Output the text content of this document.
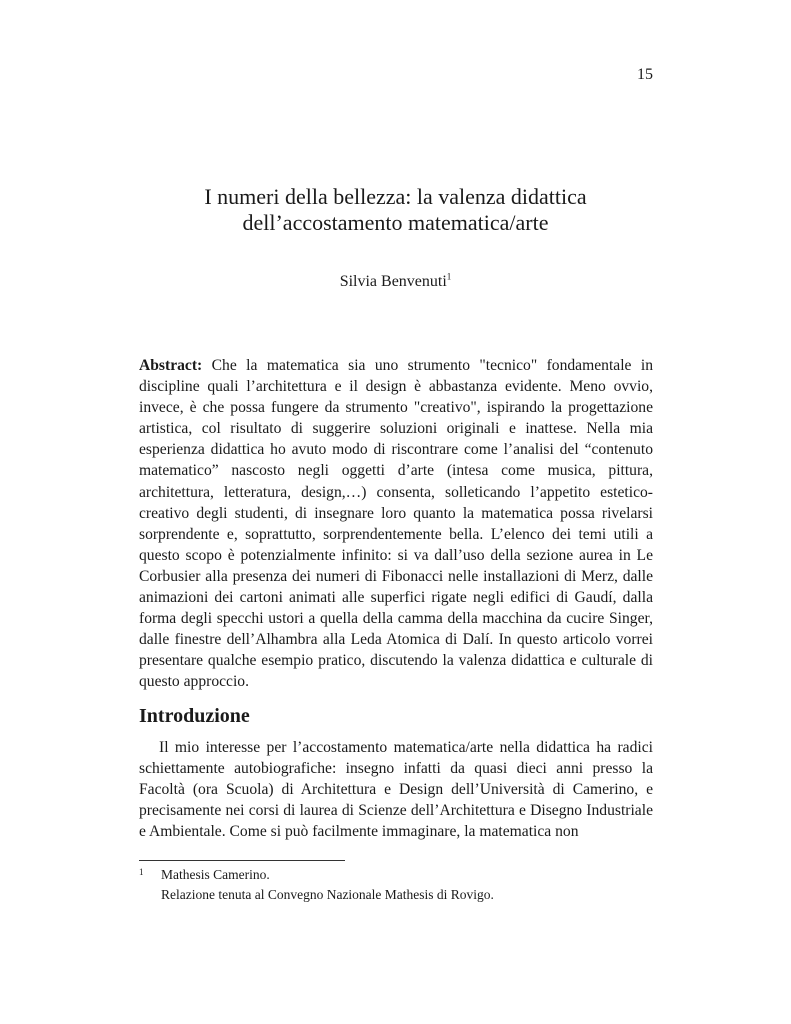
15
I numeri della bellezza: la valenza didattica
dell’accostamento matematica/arte
Silvia Benvenuti$^1$
Abstract: Che la matematica sia uno strumento "tecnico" fondamentale in discipline quali l’architettura e il design è abbastanza evidente. Meno ovvio, invece, è che possa fungere da strumento "creativo", ispirando la progettazione artistica, col risultato di suggerire soluzioni originali e inattese. Nella mia esperienza didattica ho avuto modo di riscontrare come l’analisi del “contenuto matematico” nascosto negli oggetti d’arte (intesa come musica, pittura, architettura, letteratura, design,…) consenta, solleticando l’appetito estetico-creativo degli studenti, di insegnare loro quanto la matematica possa rivelarsi sorprendente e, soprattutto, sorprendentemente bella. L’elenco dei temi utili a questo scopo è potenzialmente infinito: si va dall’uso della sezione aurea in Le Corbusier alla presenza dei numeri di Fibonacci nelle installazioni di Merz, dalle animazioni dei cartoni animati alle superfici rigate negli edifici di Gaudí, dalla forma degli specchi ustori a quella della camma della macchina da cucire Singer, dalle finestre dell’Alhambra alla Leda Atomica di Dalí. In questo articolo vorrei presentare qualche esempio pratico, discutendo la valenza didattica e culturale di questo approccio.
Introduzione
Il mio interesse per l’accostamento matematica/arte nella didattica ha radici schiettamente autobiografiche: insegno infatti da quasi dieci anni presso la Facoltà (ora Scuola) di Architettura e Design dell’Università di Camerino, e precisamente nei corsi di laurea di Scienze dell’Architettura e Disegno Industriale e Ambientale. Come si può facilmente immaginare, la matematica non
1	Mathesis Camerino.
Relazione tenuta al Convegno Nazionale Mathesis di Rovigo.
